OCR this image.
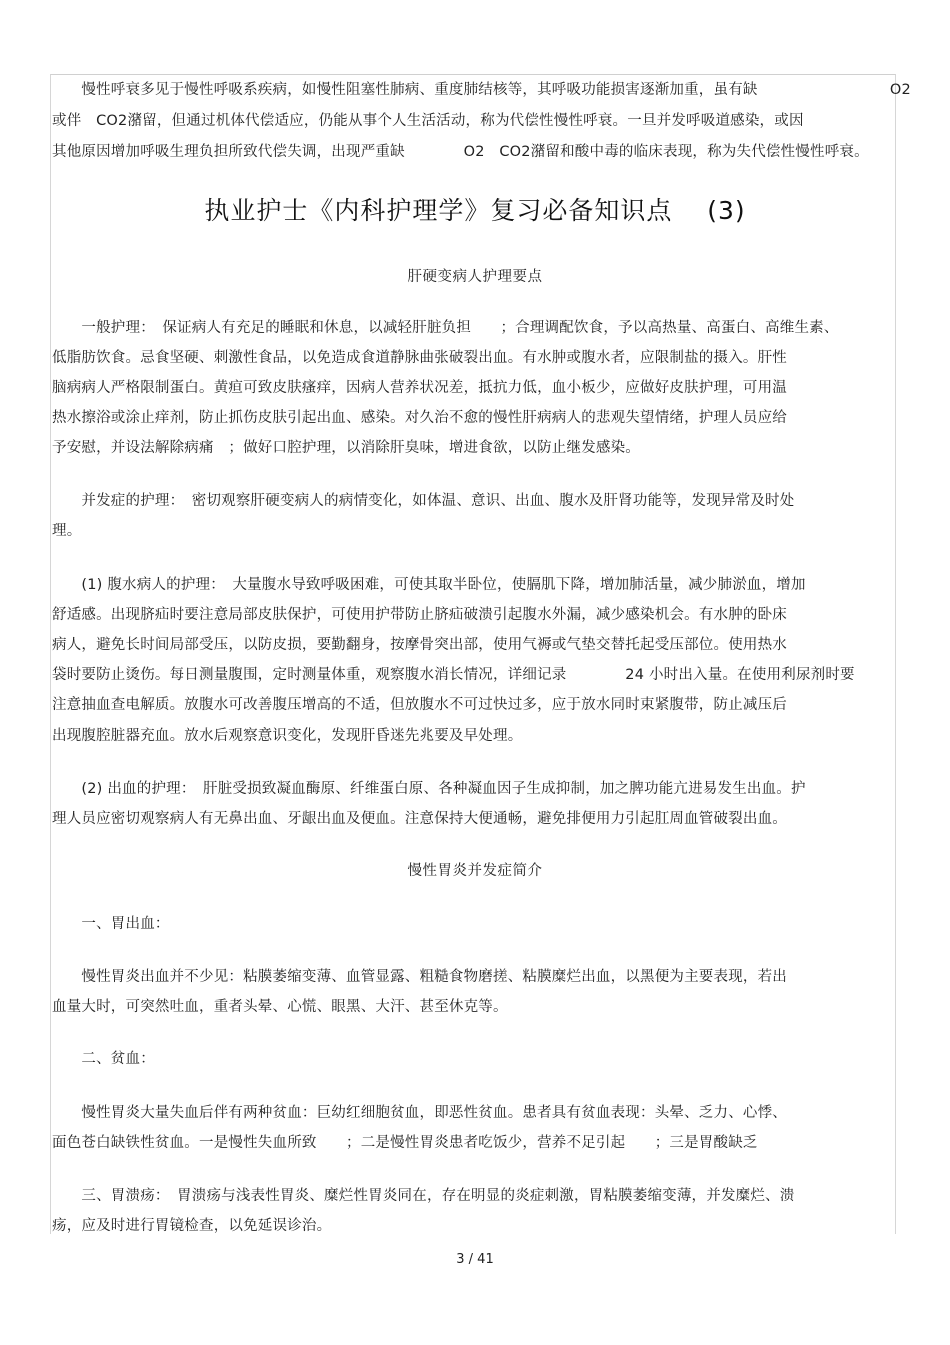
　　慢性呼衰多见于慢性呼吸系疾病，如慢性阻塞性肺病、重度肺结核等，其呼吸功能损害逐渐加重，虽有缺　　　　　　　　　O2
或伴　CO2潴留，但通过机体代偿适应，仍能从事个人生活活动，称为代偿性慢性呼衰。一旦并发呼吸道感染，或因
其他原因增加呼吸生理负担所致代偿失调，出现严重缺　　　　O2　CO2潴留和酸中毒的临床表现，称为失代偿性慢性呼衰。
执业护士《内科护理学》复习必备知识点　 (3)
肝硬变病人护理要点
　　一般护理：　保证病人有充足的睡眠和休息，以减轻肝脏负担　　；合理调配饮食，予以高热量、高蛋白、高维生素、
低脂肪饮食。忌食坚硬、刺激性食品，以免造成食道静脉曲张破裂出血。有水肿或腹水者，应限制盐的摄入。肝性
脑病病人严格限制蛋白。黄疸可致皮肤瘙痒，因病人营养状况差，抵抗力低，血小板少，应做好皮肤护理，可用温
热水擦浴或涂止痒剂，防止抓伤皮肤引起出血、感染。对久治不愈的慢性肝病病人的悲观失望情绪，护理人员应给
予安慰，并设法解除病痛　；做好口腔护理，以消除肝臭味，增进食欲，以防止继发感染。
　　并发症的护理：　密切观察肝硬变病人的病情变化，如体温、意识、出血、腹水及肝肾功能等，发现异常及时处
理。
　　(1) 腹水病人的护理：　大量腹水导致呼吸困难，可使其取半卧位，使膈肌下降，增加肺活量，减少肺淤血，增加
舒适感。出现脐疝时要注意局部皮肤保护，可使用护带防止脐疝破溃引起腹水外漏，减少感染机会。有水肿的卧床
病人，避免长时间局部受压，以防皮损，要勤翻身，按摩骨突出部，使用气褥或气垫交替托起受压部位。使用热水
袋时要防止烫伤。每日测量腹围，定时测量体重，观察腹水消长情况，详细记录　　　　24 小时出入量。在使用利尿剂时要
注意抽血查电解质。放腹水可改善腹压增高的不适，但放腹水不可过快过多，应于放水同时束紧腹带，防止减压后
出现腹腔脏器充血。放水后观察意识变化，发现肝昏迷先兆要及早处理。
　　(2) 出血的护理：　肝脏受损致凝血酶原、纤维蛋白原、各种凝血因子生成抑制，加之脾功能亢进易发生出血。护
理人员应密切观察病人有无鼻出血、牙龈出血及便血。注意保持大便通畅，避免排便用力引起肛周血管破裂出血。
慢性胃炎并发症简介
　　一、胃出血：
　　慢性胃炎出血并不少见：粘膜萎缩变薄、血管显露、粗糙食物磨搓、粘膜糜烂出血，以黑便为主要表现，若出
血量大时，可突然吐血，重者头晕、心慌、眼黑、大汗、甚至休克等。
　　二、贫血：
　　慢性胃炎大量失血后伴有两种贫血：巨幼红细胞贫血，即恶性贫血。患者具有贫血表现：头晕、乏力、心悸、
面色苍白缺铁性贫血。一是慢性失血所致　　；二是慢性胃炎患者吃饭少，营养不足引起　　；三是胃酸缺乏
　　三、胃溃疡：　胃溃疡与浅表性胃炎、糜烂性胃炎同在，存在明显的炎症刺激，胃粘膜萎缩变薄，并发糜烂、溃
疡，应及时进行胃镜检查，以免延误诊治。
3 / 41
